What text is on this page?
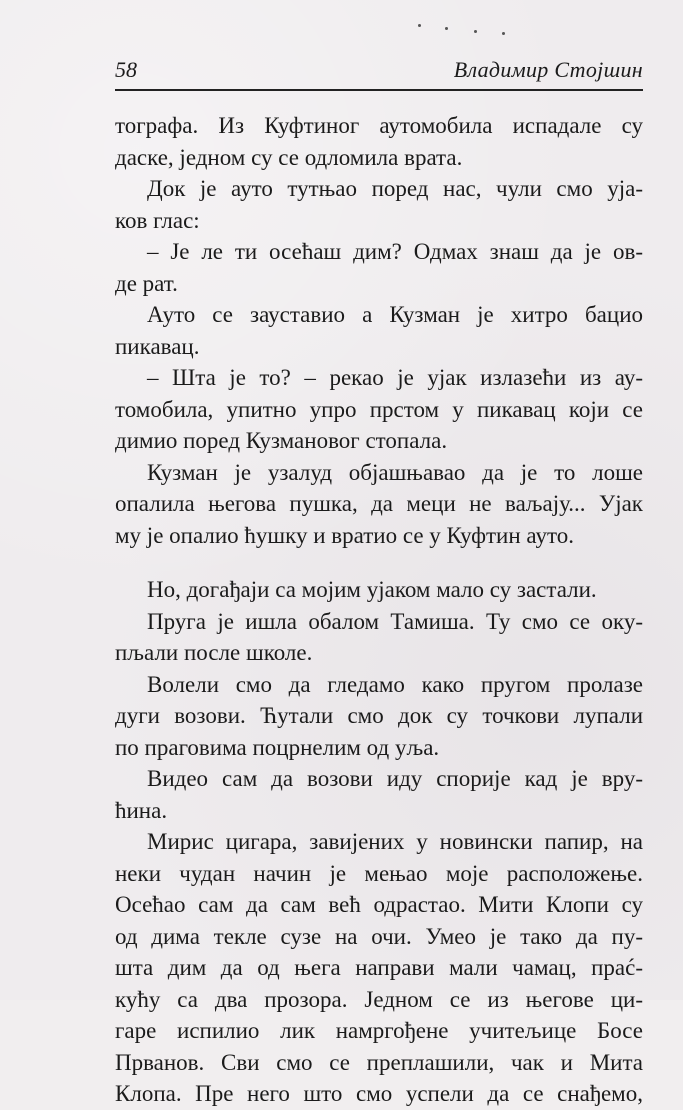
58	Владимир Стојшин
тографа. Из Куфтиног аутомобила испадале су
даске, једном су се одломила врата.
Док је ауто тутњао поред нас, чули смо ујa-
ков глас:
– Је ле ти осећаш дим? Одмах знаш да је ов-
де рат.
Ауто се зауставио а Кузман је хитро бацио
пикавац.
– Шта је то? – рекао је ујак излазећи из ау-
томобила, упитно упро прстом у пикавац који се
димио поред Кузмановог стопала.
Кузман је узалуд објашњавао да је то лоше
опалила његова пушка, да меци не ваљају... Ујак
му је опалио ћушку и вратио се у Куфтин ауто.
Но, догађаји са мојим ујаком мало су застали.
Пруга је ишла обалом Тамиша. Ту смо се оку-
пљали после школе.
Волели смо да гледамо како пругом пролазе
дуги возови. Ћутали смо док су точкови лупали
по праговима поцрнелим од уља.
Видео сам да возови иду спорије кад је вру-
ћина.
Мирис цигара, завијених у новински папир, на
неки чудан начин је мењао моје расположење.
Осећао сам да сам већ одрастао. Мити Клопи су
од дима текле сузе на очи. Умео је тако да пу-
шта дим да од њега направи мали чамац, прać-
кућу са два прозора. Једном се из његове ци-
гаре испилио лик намргођене учитељице Босе
Прванов. Сви смо се преплашили, чак и Мита
Клопа. Пре него што смо успели да се снађемо,
